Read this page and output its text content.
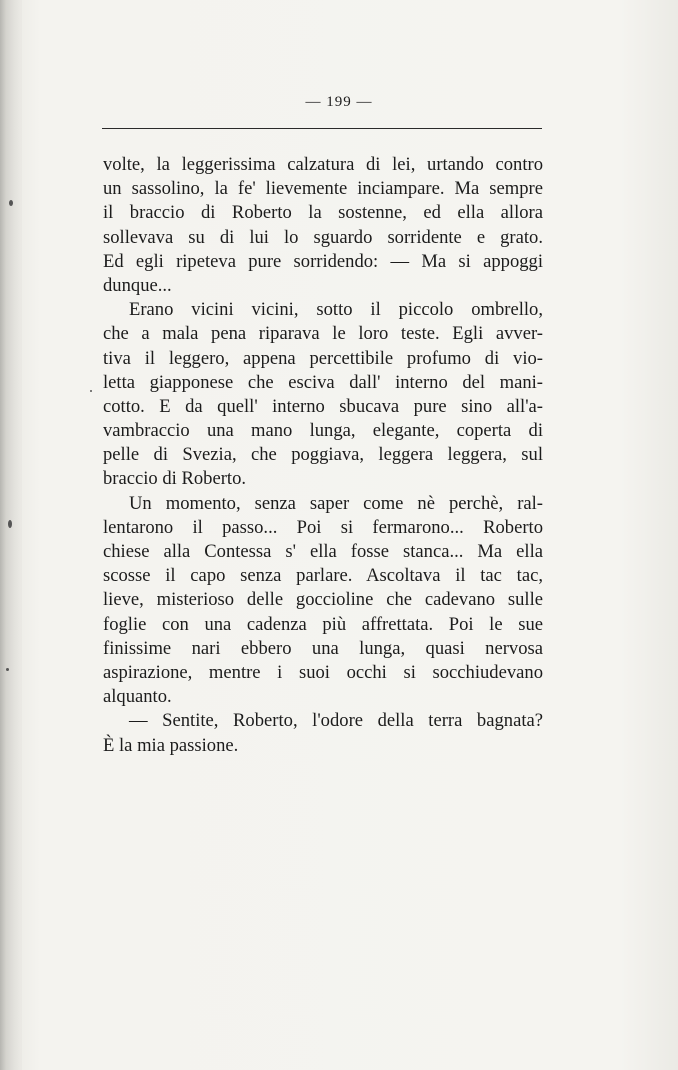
— 199 —
volte, la leggerissima calzatura di lei, urtando contro
un sassolino, la fe' lievemente inciampare. Ma sempre
il braccio di Roberto la sostenne, ed ella allora
sollevava su di lui lo sguardo sorridente e grato.
Ed egli ripeteva pure sorridendo: — Ma si appoggi
dunque...
Erano vicini vicini, sotto il piccolo ombrello,
che a mala pena riparava le loro teste. Egli avver-
tiva il leggero, appena percettibile profumo di vio-
letta giapponese che esciva dall' interno del mani-
cotto. E da quell' interno sbucava pure sino all'a-
vambraccio una mano lunga, elegante, coperta di
pelle di Svezia, che poggiava, leggera leggera, sul
braccio di Roberto.
Un momento, senza saper come nè perchè, ral-
lentarono il passo... Poi si fermarono... Roberto
chiese alla Contessa s' ella fosse stanca... Ma ella
scosse il capo senza parlare. Ascoltava il tac tac,
lieve, misterioso delle goccioline che cadevano sulle
foglie con una cadenza più affrettata. Poi le sue
finissime nari ebbero una lunga, quasi nervosa
aspirazione, mentre i suoi occhi si socchiudevano
alquanto.
— Sentite, Roberto, l'odore della terra bagnata?
È la mia passione.
